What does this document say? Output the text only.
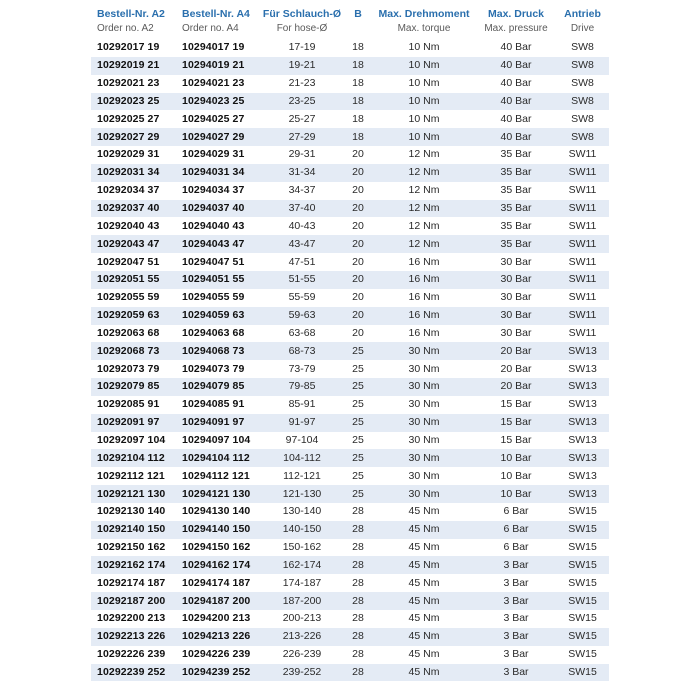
Bestell-Nr. A2	Bestell-Nr. A4	Für Schlauch-Ø	B	Max. Drehmoment	Max. Druck	Antrieb
Order no. A2	Order no. A4	For hose-Ø		Max. torque	Max. pressure	Drive
10292017 19	10294017 19	17-19	18	10 Nm	40 Bar	SW8
10292019 21	10294019 21	19-21	18	10 Nm	40 Bar	SW8
10292021 23	10294021 23	21-23	18	10 Nm	40 Bar	SW8
10292023 25	10294023 25	23-25	18	10 Nm	40 Bar	SW8
10292025 27	10294025 27	25-27	18	10 Nm	40 Bar	SW8
10292027 29	10294027 29	27-29	18	10 Nm	40 Bar	SW8
10292029 31	10294029 31	29-31	20	12 Nm	35 Bar	SW11
10292031 34	10294031 34	31-34	20	12 Nm	35 Bar	SW11
10292034 37	10294034 37	34-37	20	12 Nm	35 Bar	SW11
10292037 40	10294037 40	37-40	20	12 Nm	35 Bar	SW11
10292040 43	10294040 43	40-43	20	12 Nm	35 Bar	SW11
10292043 47	10294043 47	43-47	20	12 Nm	35 Bar	SW11
10292047 51	10294047 51	47-51	20	16 Nm	30 Bar	SW11
10292051 55	10294051 55	51-55	20	16 Nm	30 Bar	SW11
10292055 59	10294055 59	55-59	20	16 Nm	30 Bar	SW11
10292059 63	10294059 63	59-63	20	16 Nm	30 Bar	SW11
10292063 68	10294063 68	63-68	20	16 Nm	30 Bar	SW11
10292068 73	10294068 73	68-73	25	30 Nm	20 Bar	SW13
10292073 79	10294073 79	73-79	25	30 Nm	20 Bar	SW13
10292079 85	10294079 85	79-85	25	30 Nm	20 Bar	SW13
10292085 91	10294085 91	85-91	25	30 Nm	15 Bar	SW13
10292091 97	10294091 97	91-97	25	30 Nm	15 Bar	SW13
10292097 104	10294097 104	97-104	25	30 Nm	15 Bar	SW13
10292104 112	10294104 112	104-112	25	30 Nm	10 Bar	SW13
10292112 121	10294112 121	112-121	25	30 Nm	10 Bar	SW13
10292121 130	10294121 130	121-130	25	30 Nm	10 Bar	SW13
10292130 140	10294130 140	130-140	28	45 Nm	6 Bar	SW15
10292140 150	10294140 150	140-150	28	45 Nm	6 Bar	SW15
10292150 162	10294150 162	150-162	28	45 Nm	6 Bar	SW15
10292162 174	10294162 174	162-174	28	45 Nm	3 Bar	SW15
10292174 187	10294174 187	174-187	28	45 Nm	3 Bar	SW15
10292187 200	10294187 200	187-200	28	45 Nm	3 Bar	SW15
10292200 213	10294200 213	200-213	28	45 Nm	3 Bar	SW15
10292213 226	10294213 226	213-226	28	45 Nm	3 Bar	SW15
10292226 239	10294226 239	226-239	28	45 Nm	3 Bar	SW15
10292239 252	10294239 252	239-252	28	45 Nm	3 Bar	SW15
